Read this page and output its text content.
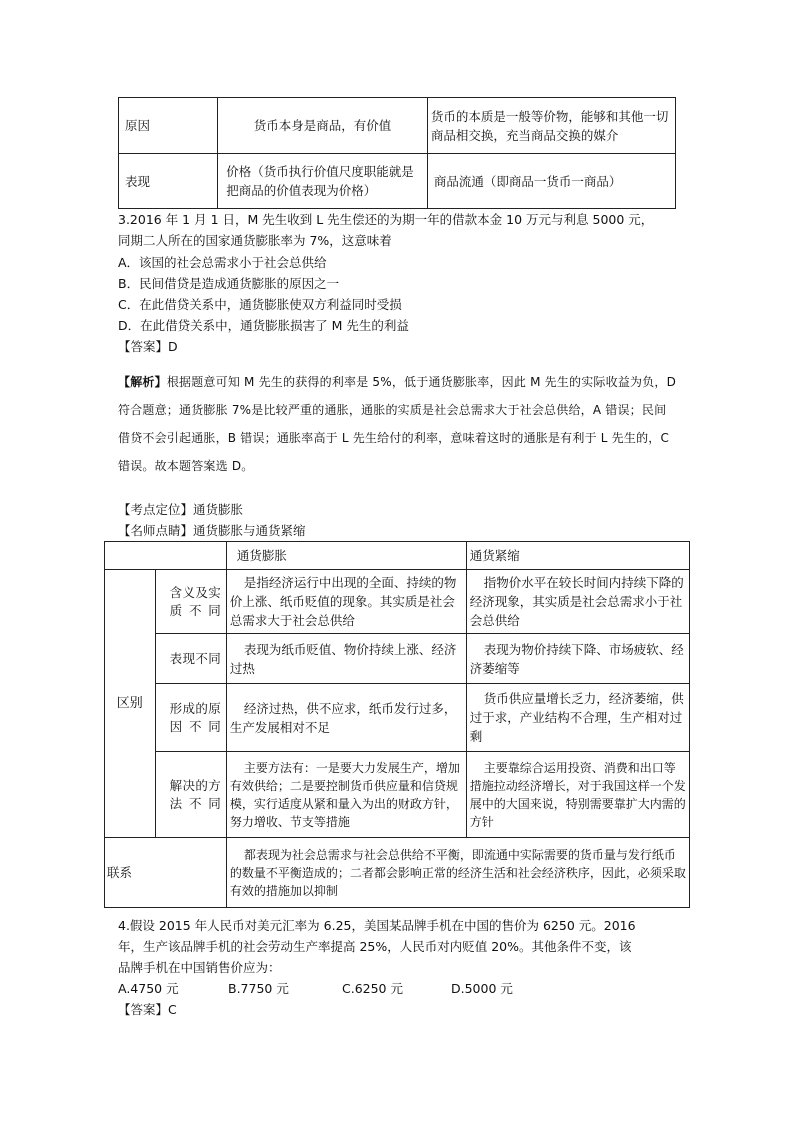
原因	货币本身是商品，有价值	货币的本质是一般等价物，能够和其他一切商品相交换，充当商品交换的媒介
表现	价格（货币执行价值尺度职能就是把商品的价值表现为价格）	商品流通（即商品一货币一商品）
3.2016 年 1 月 1 日，M 先生收到 L 先生偿还的为期一年的借款本金 10 万元与利息 5000 元，
同期二人所在的国家通货膨胀率为 7%，这意味着
A．该国的社会总需求小于社会总供给
B．民间借贷是造成通货膨胀的原因之一
C．在此借贷关系中，通货膨胀使双方利益同时受损
D．在此借贷关系中，通货膨胀损害了 M 先生的利益
【答案】D
【解析】根据题意可知 M 先生的获得的利率是 5%，低于通货膨胀率，因此 M 先生的实际收益为负，D 符合题意；通货膨胀 7%是比较严重的通胀，通胀的实质是社会总需求大于社会总供给，A 错误；民间借贷不会引起通胀，B 错误；通胀率高于 L 先生给付的利率，意味着这时的通胀是有利于 L 先生的，C 错误。故本题答案选 D。
【考点定位】通货膨胀
【名师点睛】通货膨胀与通货紧缩
		通货膨胀	通货紧缩
区别	含义及实质不同	是指经济运行中出现的全面、持续的物价上涨、纸币贬值的现象。其实质是社会总需求大于社会总供给	指物价水平在较长时间内持续下降的经济现象，其实质是社会总需求小于社会总供给
	表现不同	表现为纸币贬值、物价持续上涨、经济过热	表现为物价持续下降、市场疲软、经济萎缩等
	形成的原因不同	经济过热，供不应求，纸币发行过多，生产发展相对不足	货币供应量增长乏力，经济萎缩，供过于求，产业结构不合理，生产相对过剩
	解决的方法不同	主要方法有：一是要大力发展生产，增加有效供给；二是要控制货币供应量和信贷规模，实行适度从紧和量入为出的财政方针，努力增收、节支等措施	主要靠综合运用投资、消费和出口等措施拉动经济增长，对于我国这样一个发展中的大国来说，特别需要靠扩大内需的方针
联系		都表现为社会总需求与社会总供给不平衡，即流通中实际需要的货币量与发行纸币的数量不平衡造成的；二者都会影响正常的经济生活和社会经济秩序，因此，必须采取有效的措施加以抑制	
4.假设 2015 年人民币对美元汇率为 6.25，美国某品牌手机在中国的售价为 6250 元。2016
年，生产该品牌手机的社会劳动生产率提高 25%，人民币对内贬值 20%。其他条件不变，该
品牌手机在中国销售价应为：
A.4750 元	B.7750 元	C.6250 元	D.5000 元
【答案】C
